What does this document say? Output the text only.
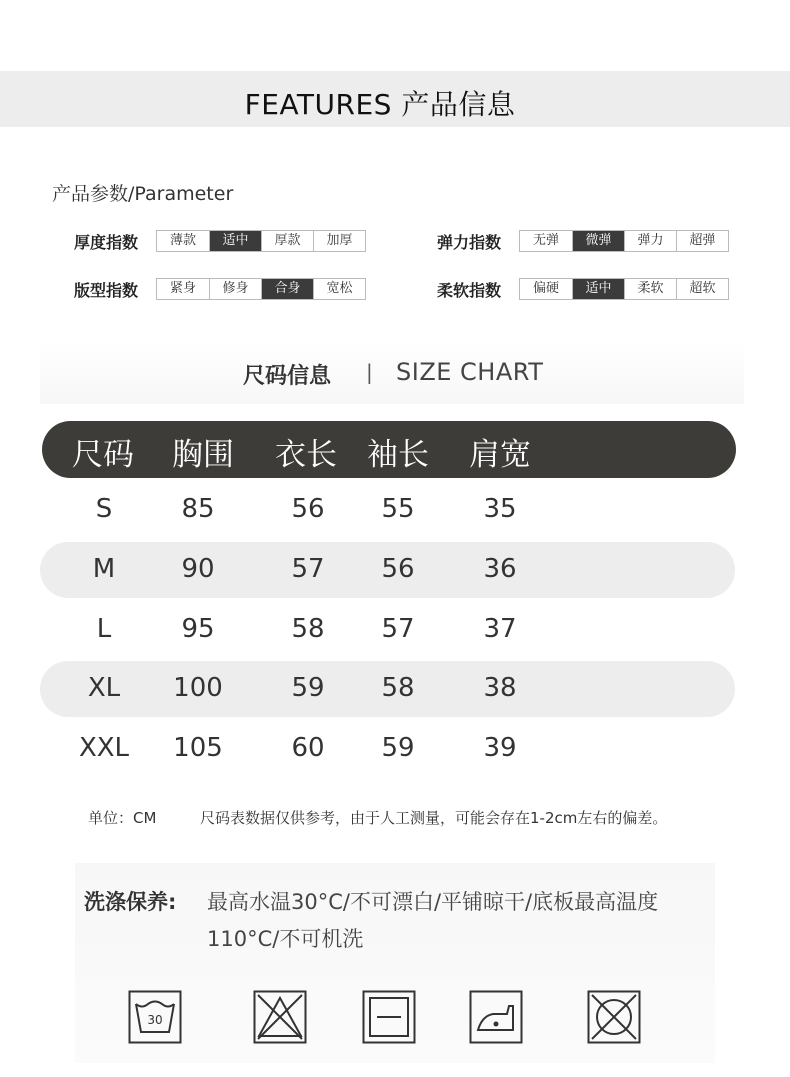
FEATURES 产品信息
产品参数/Parameter
厚度指数	薄款	适中	厚款	加厚	弹力指数	无弹	微弹	弹力	超弹
版型指数	紧身	修身	合身	宽松	柔软指数	偏硬	适中	柔软	超软
尺码信息 | SIZE CHART
尺码 胸围 衣长 袖长 肩宽
S	85	56	55	35
M	90	57	56	36
L	95	58	57	37
XL	100	59	58	38
XXL	105	60	59	39
单位：CM	尺码表数据仅供参考，由于人工测量，可能会存在1-2cm左右的偏差。
洗涤保养: 最高水温30°C/不可漂白/平铺晾干/底板最高温度
110°C/不可机洗
30
